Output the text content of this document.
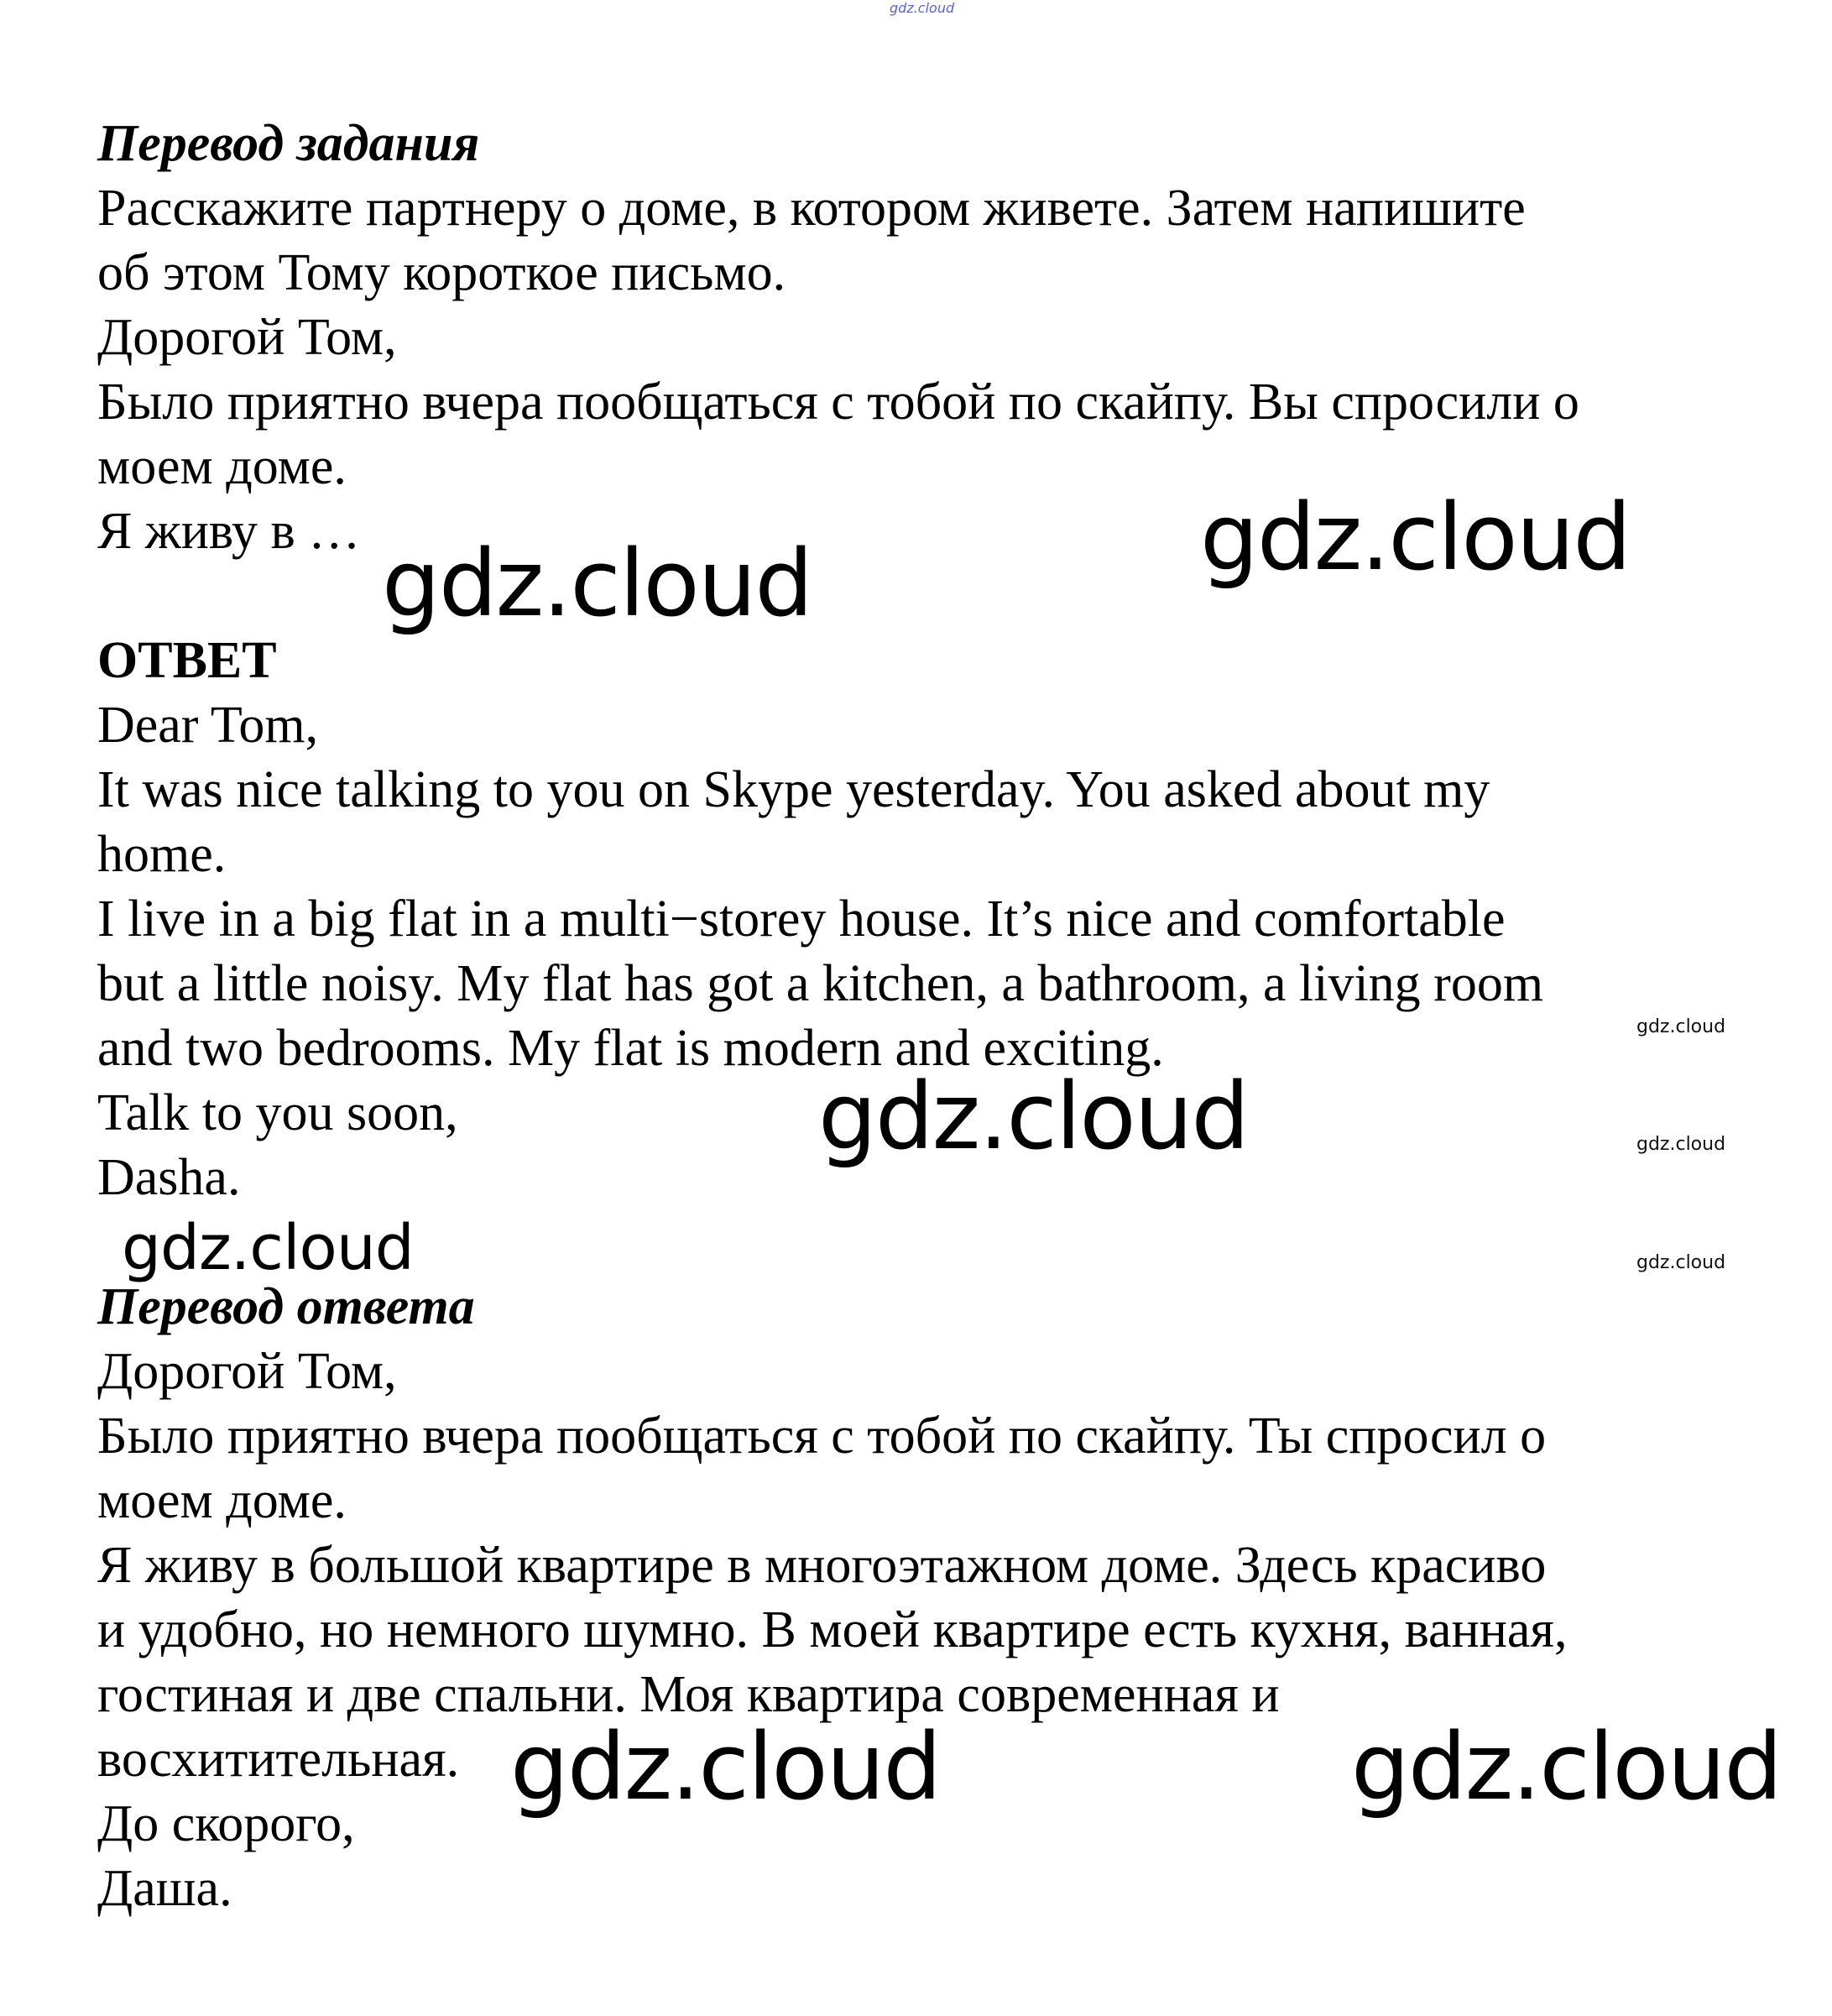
Перевод задания
Расскажите партнеру о доме, в котором живете. Затем напишите
об этом Тому короткое письмо.
Дорогой Том,
Было приятно вчера пообщаться с тобой по скайпу. Вы спросили о
моем доме.
Я живу в …
ОТВЕТ
Dear Tom,
It was nice talking to you on Skype yesterday. You asked about my
home.
I live in a big flat in a multi−storey house. It’s nice and comfortable
but a little noisy. My flat has got a kitchen, a bathroom, a living room
and two bedrooms. My flat is modern and exciting.
Talk to you soon,
Dasha.
Перевод ответа
Дорогой Том,
Было приятно вчера пообщаться с тобой по скайпу. Ты спросил о
моем доме.
Я живу в большой квартире в многоэтажном доме. Здесь красиво
и удобно, но немного шумно. В моей квартире есть кухня, ванная,
гостиная и две спальни. Моя квартира современная и
восхитительная.
До скорого,
Даша.
gdz.cloud
gdz.cloud
gdz.cloud
gdz.cloud
gdz.cloud
gdz.cloud	gdz.cloud
gdz.cloud
gdz.cloud
gdz.cloud
